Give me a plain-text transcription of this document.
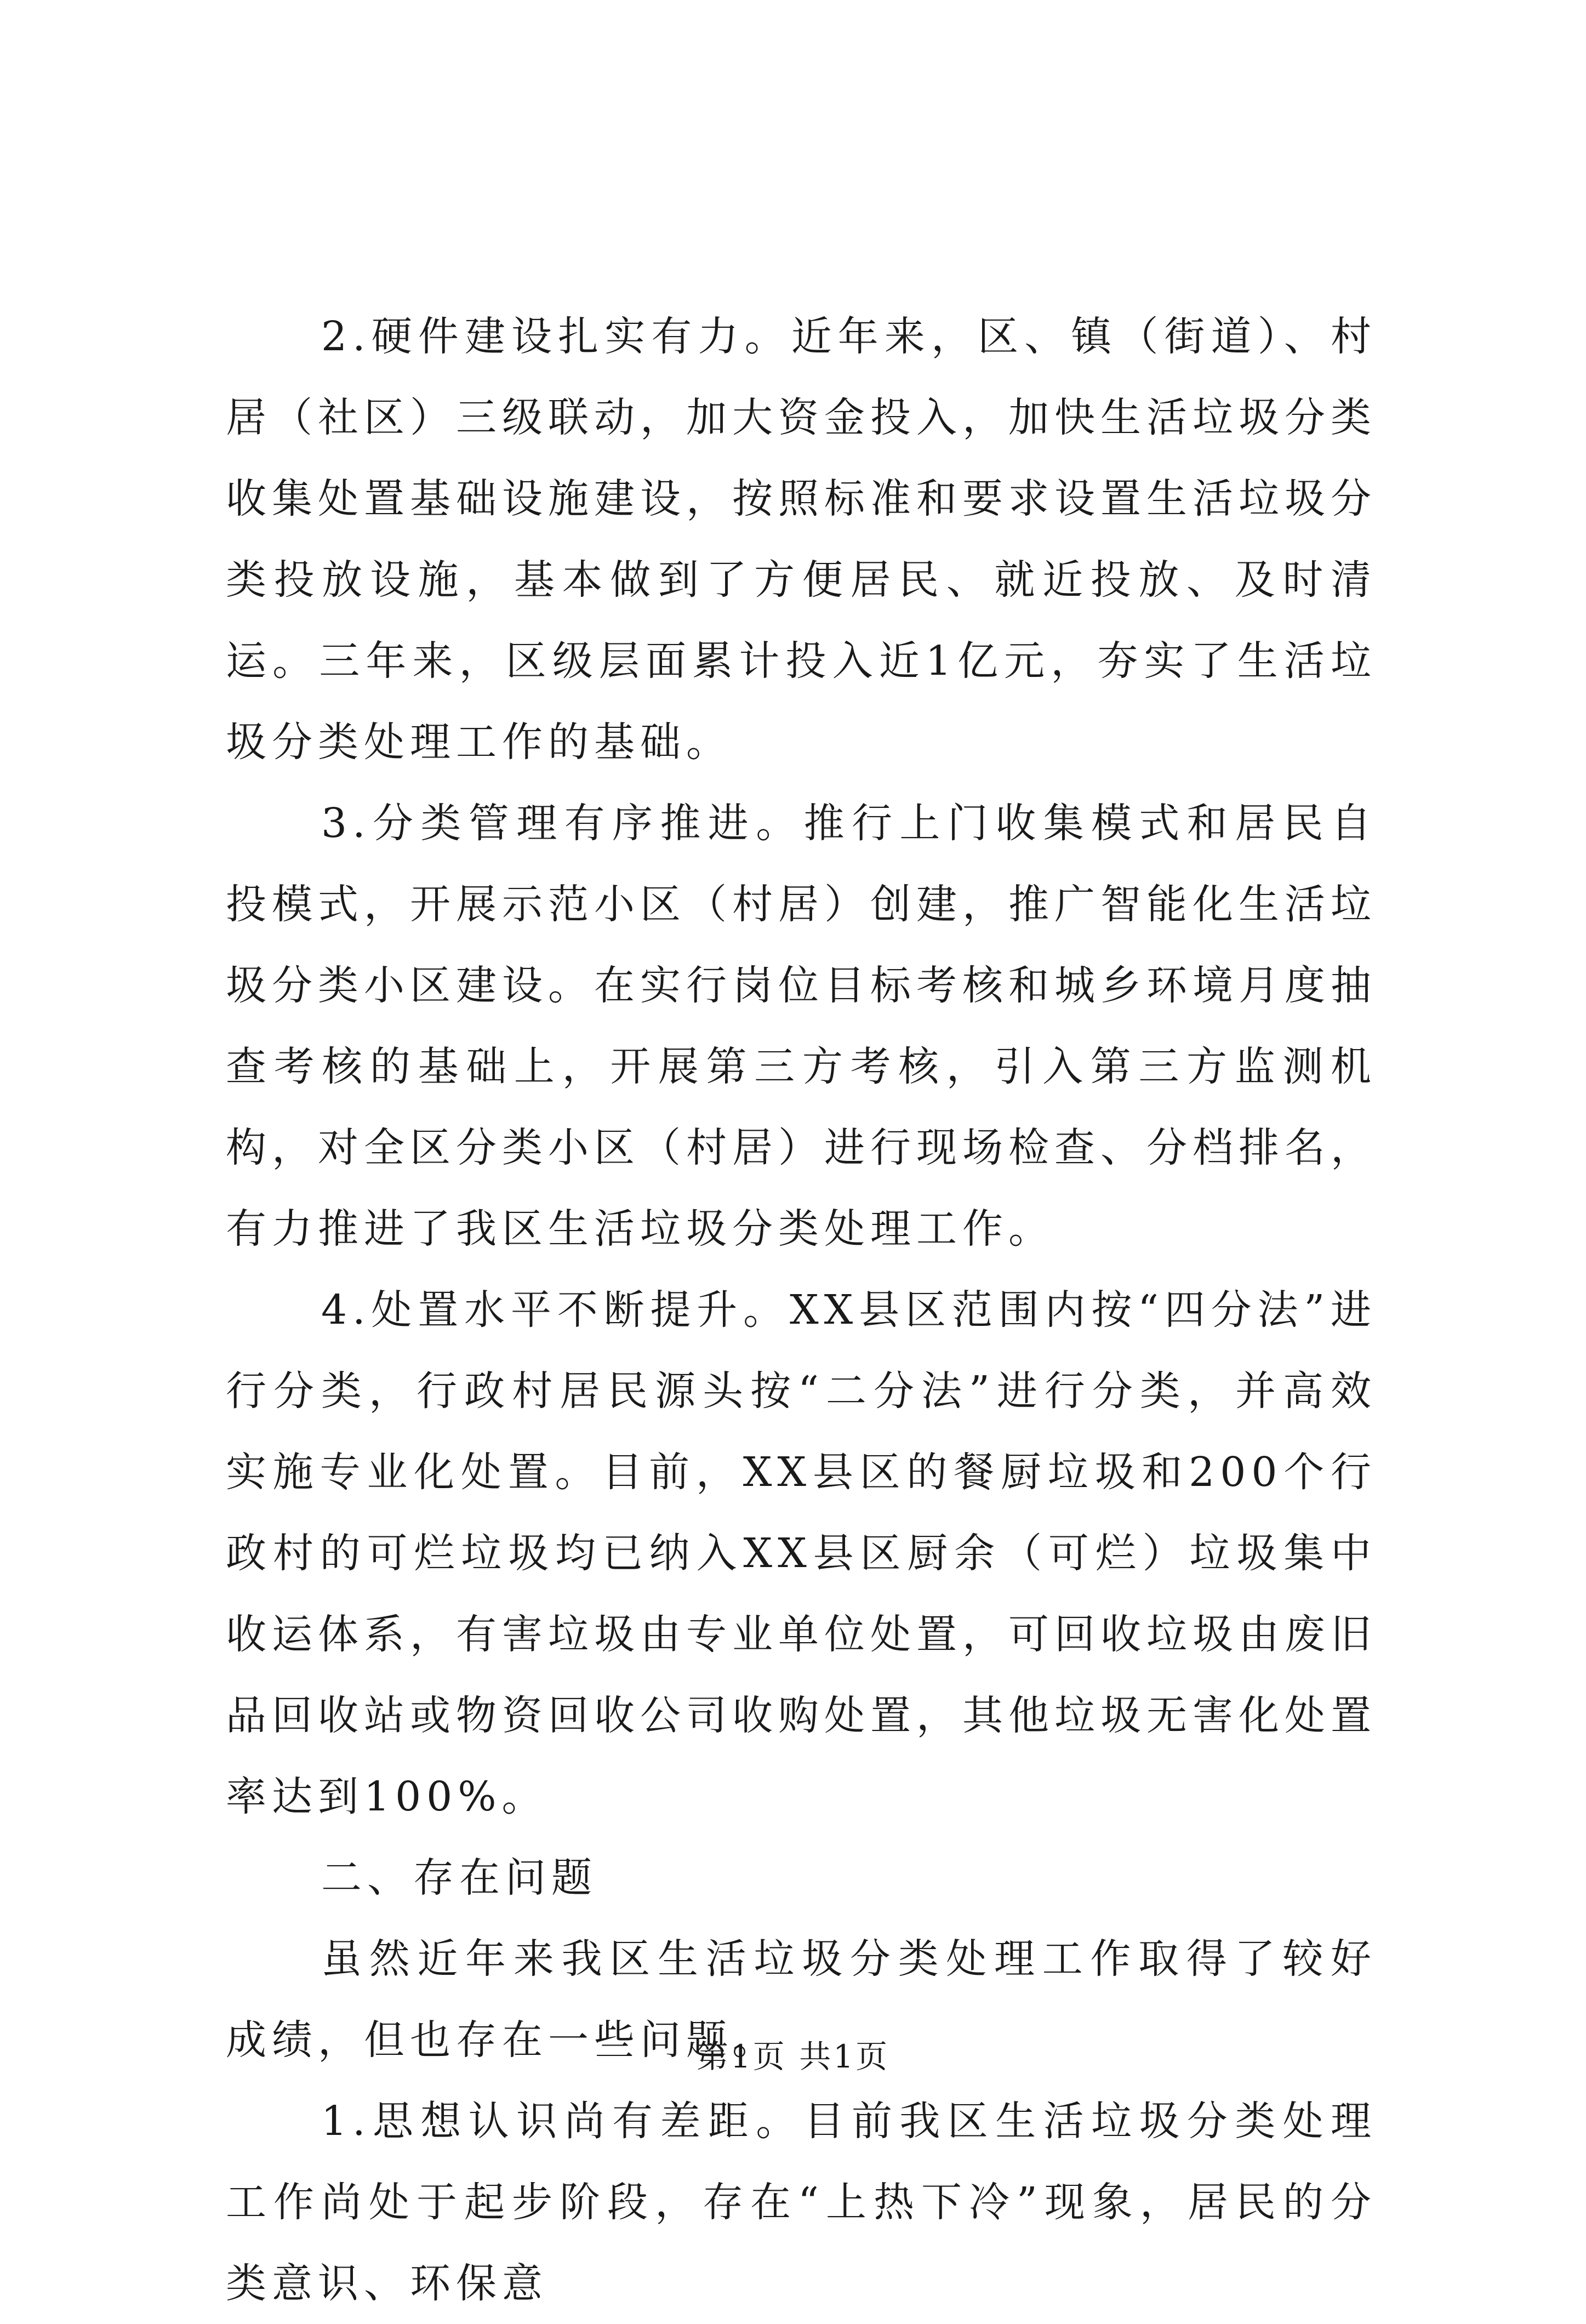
2.硬件建设扎实有力。近年来，区、镇（街道）、村居（社区）三级联动，加大资金投入，加快生活垃圾分类收集处置基础设施建设，按照标准和要求设置生活垃圾分类投放设施，基本做到了方便居民、就近投放、及时清运。三年来，区级层面累计投入近1亿元，夯实了生活垃圾分类处理工作的基础。

3.分类管理有序推进。推行上门收集模式和居民自投模式，开展示范小区（村居）创建，推广智能化生活垃圾分类小区建设。在实行岗位目标考核和城乡环境月度抽查考核的基础上，开展第三方考核，引入第三方监测机构，对全区分类小区（村居）进行现场检查、分档排名，有力推进了我区生活垃圾分类处理工作。

4.处置水平不断提升。XX县区范围内按“四分法”进行分类，行政村居民源头按“二分法”进行分类，并高效实施专业化处置。目前，XX县区的餐厨垃圾和200个行政村的可烂垃圾均已纳入XX县区厨余（可烂）垃圾集中收运体系，有害垃圾由专业单位处置，可回收垃圾由废旧品回收站或物资回收公司收购处置，其他垃圾无害化处置率达到100%。

二、存在问题

虽然近年来我区生活垃圾分类处理工作取得了较好成绩，但也存在一些问题。

1.思想认识尚有差距。目前我区生活垃圾分类处理工作尚处于起步阶段，存在“上热下冷”现象，居民的分类意识、环保意

第1页 共1页
